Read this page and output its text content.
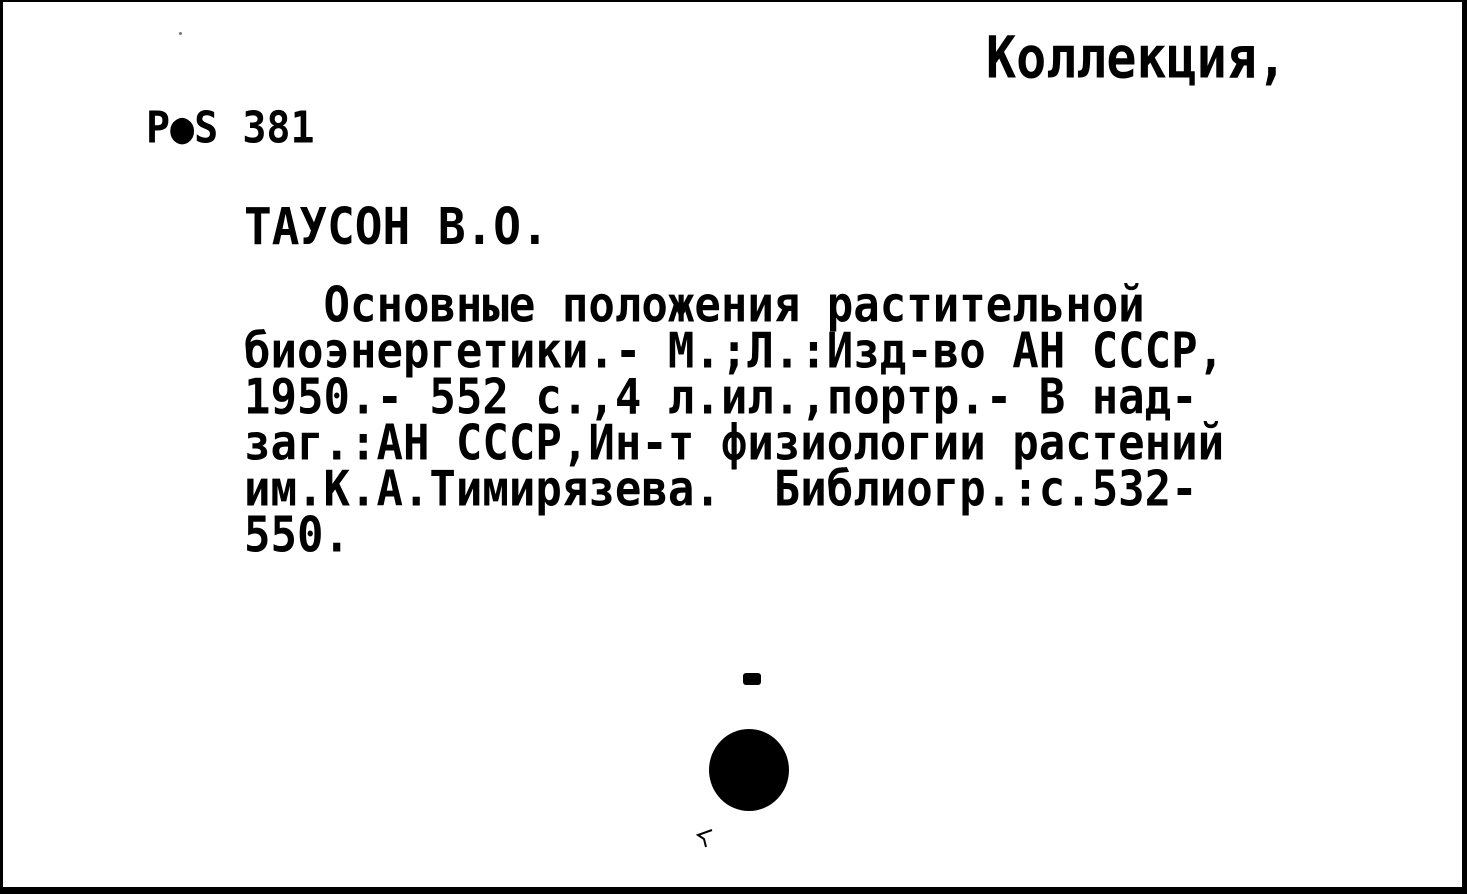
Коллекция,
P●S 381
ТАУСОН В.О.
Основные положения растительной
биоэнергетики.- М.;Л.:Изд-во АН СССР,
1950.- 552 с.,4 л.ил.,портр.- В над-
заг.:АН СССР,Ин-т физиологии растений
им.К.А.Тимирязева.  Библиогр.:с.532-
550.
